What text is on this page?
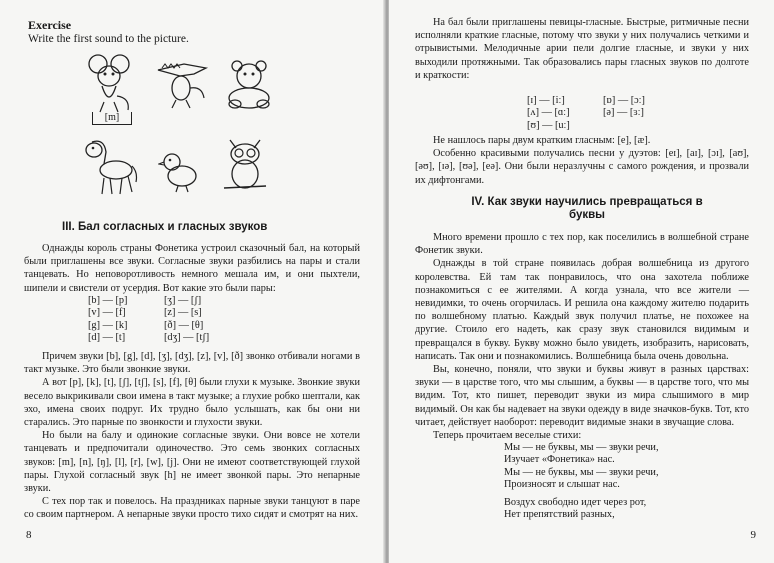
Exercise
Write the first sound to the picture.
[m]
III. Бал согласных и гласных звуков

Однажды король страны Фонетика устроил сказочный бал, на который были приглашены все звуки. Согласные звуки разбились на пары и стали танцевать. Но неповоротливость немного мешала им, и они пыхтели, шипели и свистели от усердия. Вот какие это были пары:

[b] — [p]	[ʒ] — [ʃ]
[v] — [f]	[z] — [s]
[g] — [k]	[ð] — [θ]
[d] — [t]	[dʒ] — [tʃ]

Причем звуки [b], [g], [d], [ʒ], [dʒ], [z], [v], [ð] звонко отбивали ногами в такт музыке. Это были звонкие звуки.

А вот [p], [k], [t], [ʃ], [tʃ], [s], [f], [θ] были глухи к музыке. Звонкие звуки весело выкрикивали свои имена в такт музыке; а глухие робко шептали, как эхо, имена своих подруг. Их трудно было услышать, как бы они ни старались. Это парные по звонкости и глухости звуки.

Но были на балу и одинокие согласные звуки. Они вовсе не хотели танцевать и предпочитали одиночество. Это семь звонких согласных звуков: [m], [n], [ŋ], [l], [r], [w], [j]. Они не имеют соответствующей глухой пары. Глухой согласный звук [h] не имеет звонкой пары. Это непарные звуки.

С тех пор так и повелось. На праздниках парные звуки танцуют в паре со своим партнером. А непарные звуки просто тихо сидят и смотрят на них.

8

На бал были приглашены певицы-гласные. Быстрые, ритмичные песни исполняли краткие гласные, потому что звуки у них получались четкими и отрывистыми. Мелодичные арии пели долгие гласные, и звуки у них выходили протяжными. Так образовались пары гласных звуков по долготе и краткости:

[ɪ] — [iː]	[ɒ] — [ɔː]
[ʌ] — [ɑː]	[ə] — [ɜː]
[ʊ] — [uː]

Не нашлось пары двум кратким гласным: [e], [æ].

Особенно красивыми получались песни у дуэтов: [eɪ], [aɪ], [ɔɪ], [aʊ], [əʊ], [ɪə], [ʊə], [eə]. Они были неразлучны с самого рождения, и прозвали их дифтонгами.

IV. Как звуки научились превращаться в буквы

Много времени прошло с тех пор, как поселились в волшебной стране Фонетик звуки.

Однажды в той стране появилась добрая волшебница из другого королевства. Ей там так понравилось, что она захотела поближе познакомиться с ее жителями. А когда узнала, что все жители — невидимки, то очень огорчилась. И решила она каждому жителю подарить по волшебному платью. Каждый звук получил платье, не похожее на другие. Стоило его надеть, как сразу звук становился видимым и превращался в букву. Букву можно было увидеть, изобразить, нарисовать, написать. Так они и познакомились. Волшебница была очень довольна.

Вы, конечно, поняли, что звуки и буквы живут в разных царствах: звуки — в царстве того, что мы слышим, а буквы — в царстве того, что мы видим. Тот, кто пишет, переводит звуки из мира слышимого в мир видимый. Он как бы надевает на звуки одежду в виде значков-букв. Тот, кто читает, действует наоборот: переводит видимые знаки в звучащие слова.

Теперь прочитаем веселые стихи:

Мы — не буквы, мы — звуки речи,
Изучает «Фонетика» нас.
Мы — не буквы, мы — звуки речи,
Произносят и слышат нас.
Воздух свободно идет через рот,
Нет препятствий разных,
9
